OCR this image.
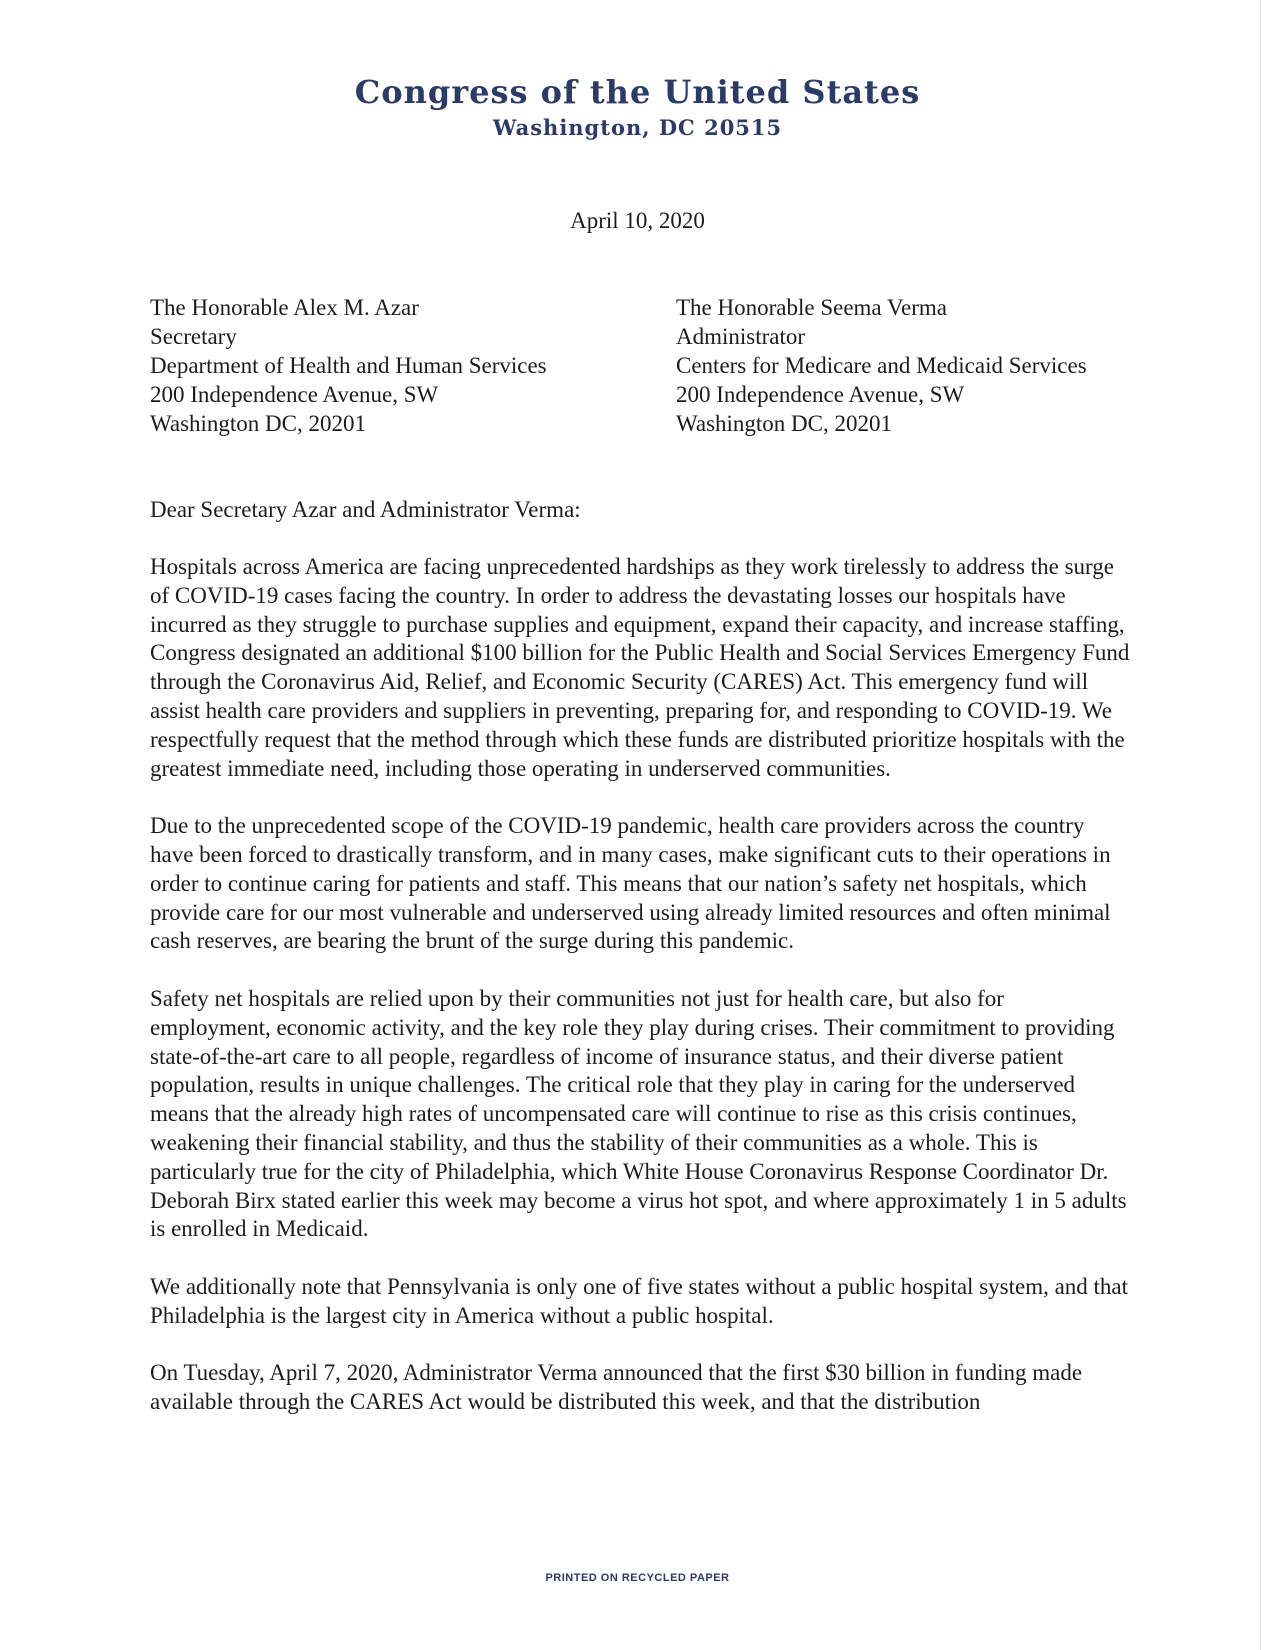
Congress of the United States
Washington, DC 20515
April 10, 2020
The Honorable Alex M. Azar
Secretary
Department of Health and Human Services
200 Independence Avenue, SW
Washington DC, 20201
The Honorable Seema Verma
Administrator
Centers for Medicare and Medicaid Services
200 Independence Avenue, SW
Washington DC, 20201
Dear Secretary Azar and Administrator Verma:

Hospitals across America are facing unprecedented hardships as they work tirelessly to address the surge of COVID-19 cases facing the country. In order to address the devastating losses our hospitals have incurred as they struggle to purchase supplies and equipment, expand their capacity, and increase staffing, Congress designated an additional $100 billion for the Public Health and Social Services Emergency Fund through the Coronavirus Aid, Relief, and Economic Security (CARES) Act. This emergency fund will assist health care providers and suppliers in preventing, preparing for, and responding to COVID-19. We respectfully request that the method through which these funds are distributed prioritize hospitals with the greatest immediate need, including those operating in underserved communities.

Due to the unprecedented scope of the COVID-19 pandemic, health care providers across the country have been forced to drastically transform, and in many cases, make significant cuts to their operations in order to continue caring for patients and staff. This means that our nation’s safety net hospitals, which provide care for our most vulnerable and underserved using already limited resources and often minimal cash reserves, are bearing the brunt of the surge during this pandemic.

Safety net hospitals are relied upon by their communities not just for health care, but also for employment, economic activity, and the key role they play during crises. Their commitment to providing state-of-the-art care to all people, regardless of income of insurance status, and their diverse patient population, results in unique challenges. The critical role that they play in caring for the underserved means that the already high rates of uncompensated care will continue to rise as this crisis continues, weakening their financial stability, and thus the stability of their communities as a whole. This is particularly true for the city of Philadelphia, which White House Coronavirus Response Coordinator Dr. Deborah Birx stated earlier this week may become a virus hot spot, and where approximately 1 in 5 adults is enrolled in Medicaid.

We additionally note that Pennsylvania is only one of five states without a public hospital system, and that Philadelphia is the largest city in America without a public hospital.

On Tuesday, April 7, 2020, Administrator Verma announced that the first $30 billion in funding made available through the CARES Act would be distributed this week, and that the distribution

PRINTED ON RECYCLED PAPER
